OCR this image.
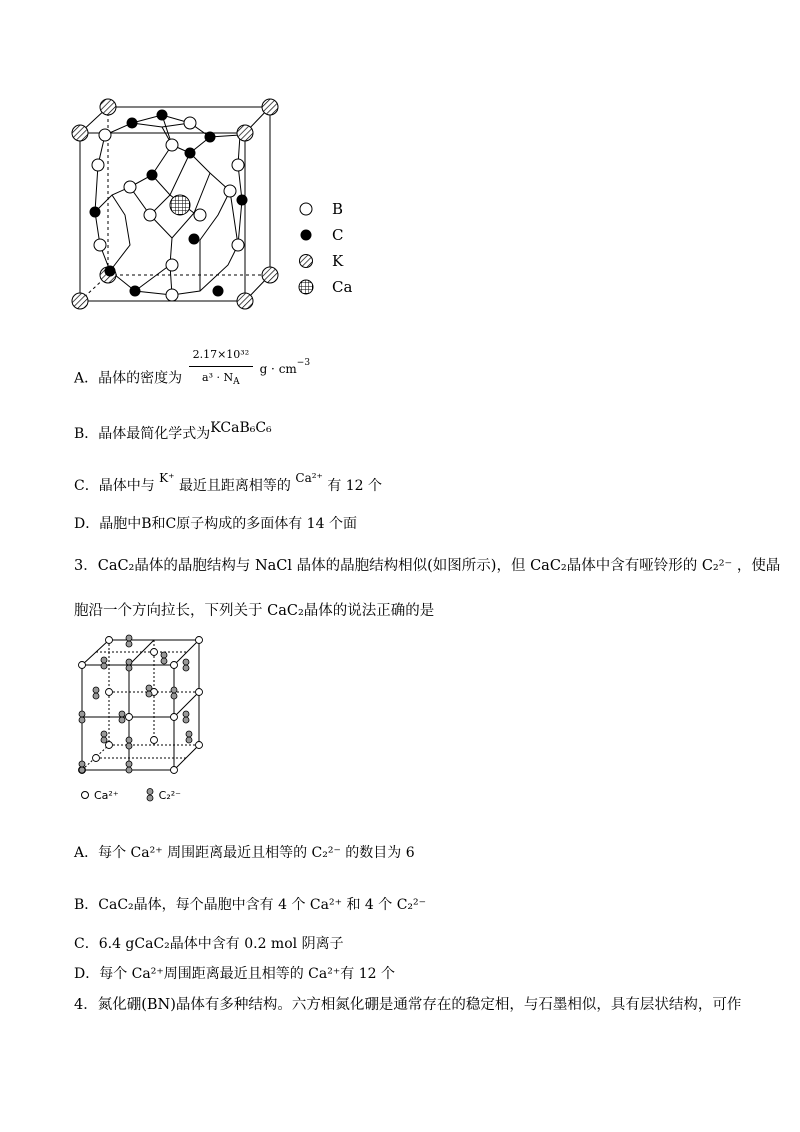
B
C
K
Ca
A．晶体的密度为 $\frac{\text{2.17×10³²}}{a^3 \cdot N_A}$ $g \cdot cm^{-3}$
B．晶体最简化学式为KCaB₆C₆
C．晶体中与 K⁺ 最近且距离相等的 Ca²⁺ 有 12 个
D．晶胞中B和C原子构成的多面体有 14 个面
3．CaC₂晶体的晶胞结构与 NaCl 晶体的晶胞结构相似(如图所示)，但 CaC₂晶体中含有哑铃形的 C₂²⁻ ，使晶
胞沿一个方向拉长，下列关于 CaC₂晶体的说法正确的是
Ca²⁺	C₂²⁻
A．每个 Ca²⁺ 周围距离最近且相等的 C₂²⁻ 的数目为 6
B．CaC₂晶体，每个晶胞中含有 4 个 Ca²⁺ 和 4 个 C₂²⁻
C．6.4 gCaC₂晶体中含有 0.2 mol 阴离子
D．每个 Ca²⁺周围距离最近且相等的 Ca²⁺有 12 个
4．氮化硼(BN)晶体有多种结构。六方相氮化硼是通常存在的稳定相，与石墨相似，具有层状结构，可作
